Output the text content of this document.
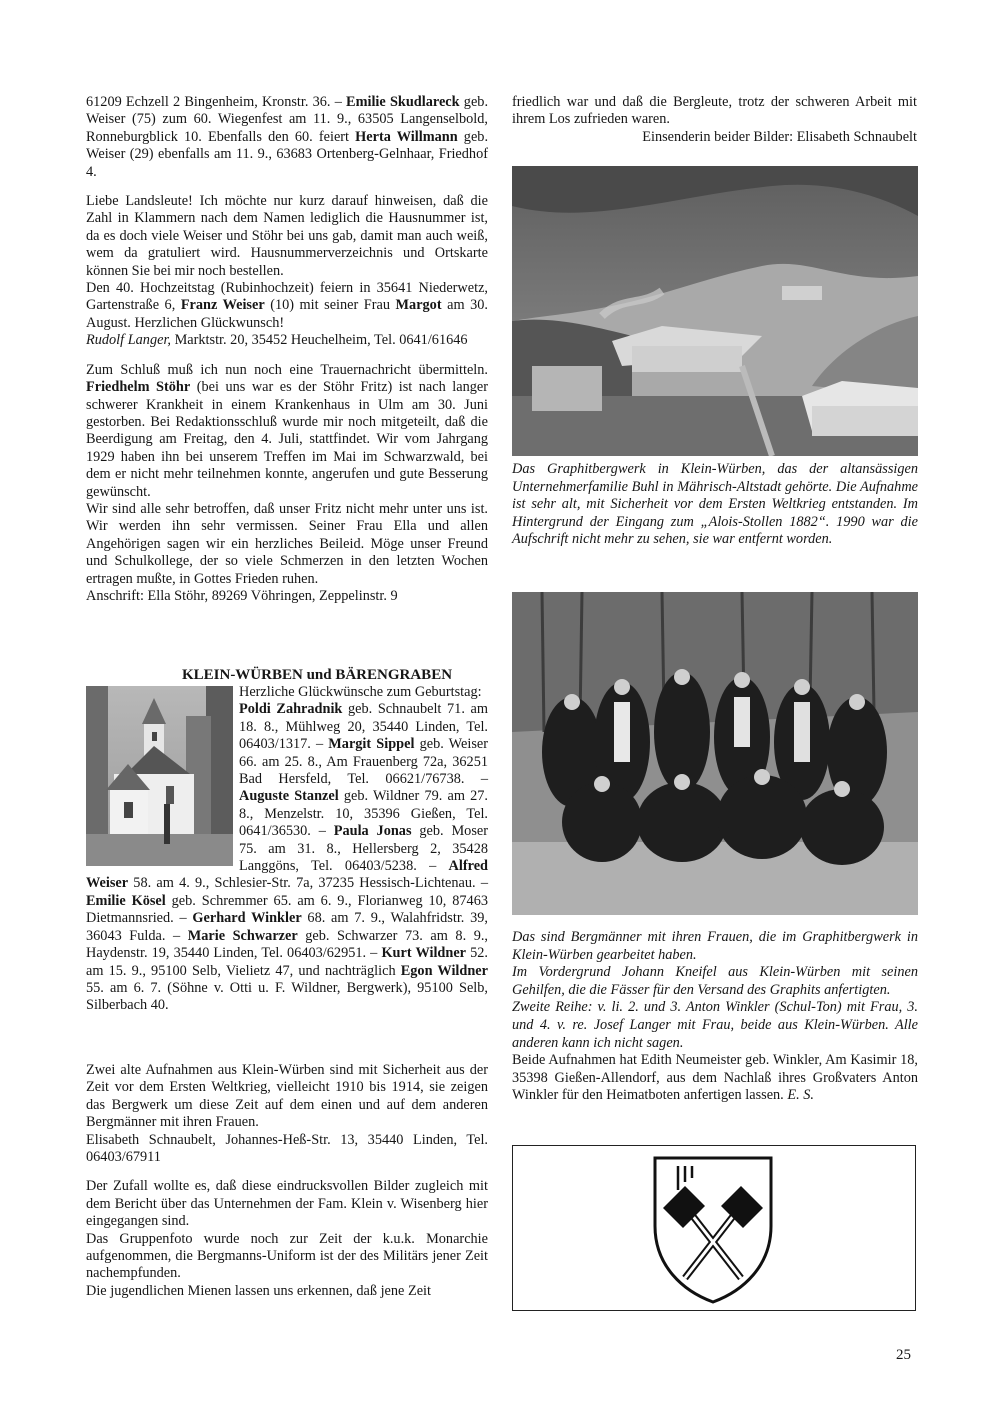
61209 Echzell 2 Bingenheim, Kronstr. 36. – Emilie Skudlareck geb. Weiser (75) zum 60. Wiegenfest am 11. 9., 63505 Langenselbold, Ronneburgblick 10. Ebenfalls den 60. feiert Herta Willmann geb. Weiser (29) ebenfalls am 11. 9., 63683 Ortenberg-Gelnhaar, Friedhof 4.

Liebe Landsleute! Ich möchte nur kurz darauf hinweisen, daß die Zahl in Klammern nach dem Namen lediglich die Hausnummer ist, da es doch viele Weiser und Stöhr bei uns gab, damit man auch weiß, wem da gratuliert wird. Hausnummerverzeichnis und Ortskarte können Sie bei mir noch bestellen.

Den 40. Hochzeitstag (Rubinhochzeit) feiern in 35641 Niederwetz, Gartenstraße 6, Franz Weiser (10) mit seiner Frau Margot am 30. August. Herzlichen Glückwunsch!

Rudolf Langer, Marktstr. 20, 35452 Heuchelheim, Tel. 0641/61646

Zum Schluß muß ich nun noch eine Trauernachricht übermitteln. Friedhelm Stöhr (bei uns war es der Stöhr Fritz) ist nach langer schwerer Krankheit in einem Krankenhaus in Ulm am 30. Juni gestorben. Bei Redaktionsschluß wurde mir noch mitgeteilt, daß die Beerdigung am Freitag, den 4. Juli, stattfindet. Wir vom Jahrgang 1929 haben ihn bei unserem Treffen im Mai im Schwarzwald, bei dem er nicht mehr teilnehmen konnte, angerufen und gute Besserung gewünscht.

Wir sind alle sehr betroffen, daß unser Fritz nicht mehr unter uns ist. Wir werden ihn sehr vermissen. Seiner Frau Ella und allen Angehörigen sagen wir ein herzliches Beileid. Möge unser Freund und Schulkollege, der so viele Schmerzen in den letzten Wochen ertragen mußte, in Gottes Frieden ruhen.

Anschrift: Ella Stöhr, 89269 Vöhringen, Zeppelinstr. 9

KLEIN-WÜRBEN und BÄRENGRABEN
Herzliche Glückwünsche zum Geburtstag:
Poldi Zahradnik geb. Schnaubelt 71. am 18. 8., Mühlweg 20, 35440 Linden, Tel. 06403/1317. – Margit Sippel geb. Weiser 66. am 25. 8., Am Frauenberg 72a, 36251 Bad Hersfeld, Tel. 06621/76738. – Auguste Stanzel geb. Wildner 79. am 27. 8., Menzelstr. 10, 35396 Gießen, Tel. 0641/36530. – Paula Jonas geb. Moser 75. am 31. 8., Hellersberg 2, 35428 Langgöns, Tel. 06403/5238. – Alfred Weiser 58. am 4. 9., Schlesier-Str. 7a, 37235 Hessisch-Lichtenau. – Emilie Kösel geb. Schremmer 65. am 6. 9., Florianweg 10, 87463 Dietmannsried. – Gerhard Winkler 68. am 7. 9., Walahfridstr. 39, 36043 Fulda. – Marie Schwarzer geb. Schwarzer 73. am 8. 9., Haydenstr. 19, 35440 Linden, Tel. 06403/62951. – Kurt Wildner 52. am 15. 9., 95100 Selb, Vielietz 47, und nachträglich Egon Wildner 55. am 6. 7. (Söhne v. Otti u. F. Wildner, Bergwerk), 95100 Selb, Silberbach 40.

Zwei alte Aufnahmen aus Klein-Würben sind mit Sicherheit aus der Zeit vor dem Ersten Weltkrieg, vielleicht 1910 bis 1914, sie zeigen das Bergwerk um diese Zeit auf dem einen und auf dem anderen Bergmänner mit ihren Frauen.

Elisabeth Schnaubelt, Johannes-Heß-Str. 13, 35440 Linden, Tel. 06403/67911

Der Zufall wollte es, daß diese eindrucksvollen Bilder zugleich mit dem Bericht über das Unternehmen der Fam. Klein v. Wisenberg hier eingegangen sind.

Das Gruppenfoto wurde noch zur Zeit der k.u.k. Monarchie aufgenommen, die Bergmanns-Uniform ist der des Militärs jener Zeit nachempfunden.

Die jugendlichen Mienen lassen uns erkennen, daß jene Zeit

friedlich war und daß die Bergleute, trotz der schweren Arbeit mit ihrem Los zufrieden waren.

Einsenderin beider Bilder: Elisabeth Schnaubelt

Das Graphitbergwerk in Klein-Würben, das der altansässigen Unternehmerfamilie Buhl in Mährisch-Altstadt gehörte. Die Aufnahme ist sehr alt, mit Sicherheit vor dem Ersten Weltkrieg entstanden. Im Hintergrund der Eingang zum „Alois-Stollen 1882“. 1990 war die Aufschrift nicht mehr zu sehen, sie war entfernt worden.

Das sind Bergmänner mit ihren Frauen, die im Graphitbergwerk in Klein-Würben gearbeitet haben.

Im Vordergrund Johann Kneifel aus Klein-Würben mit seinen Gehilfen, die die Fässer für den Versand des Graphits anfertigten.

Zweite Reihe: v. li. 2. und 3. Anton Winkler (Schul-Ton) mit Frau, 3. und 4. v. re. Josef Langer mit Frau, beide aus Klein-Würben. Alle anderen kann ich nicht sagen.

Beide Aufnahmen hat Edith Neumeister geb. Winkler, Am Kasimir 18, 35398 Gießen-Allendorf, aus dem Nachlaß ihres Großvaters Anton Winkler für den Heimatboten anfertigen lassen. E. S.

25
